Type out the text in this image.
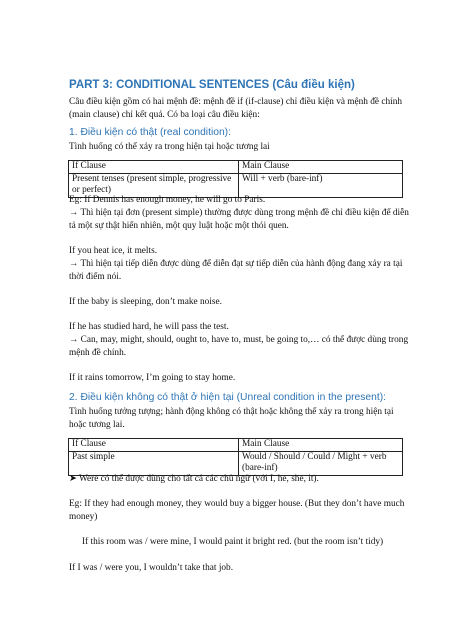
PART 3: CONDITIONAL SENTENCES (Câu điều kiện)
Câu điều kiện gồm có hai mệnh đề: mệnh đề if (if-clause) chỉ điều kiện và mệnh đề chính (main clause) chỉ kết quả. Có ba loại câu điều kiện:
1. Điều kiện có thật (real condition):
Tình huống có thể xảy ra trong hiện tại hoặc tương lai
If Clause	Main Clause
Present tenses (present simple, progressive or perfect)	Will + verb (bare-inf)
Eg: If Dennis has enough money, he will go to Paris.
→ Thì hiện tại đơn (present simple) thường được dùng trong mệnh đề chỉ điều kiện để diễn tả một sự thật hiển nhiên, một quy luật hoặc một thói quen.
If you heat ice, it melts.
→ Thì hiện tại tiếp diễn được dùng để diễn đạt sự tiếp diễn của hành động đang xảy ra tại thời điểm nói.
If the baby is sleeping, don’t make noise.
If he has studied hard, he will pass the test.
→ Can, may, might, should, ought to, have to, must, be going to,… có thể được dùng trong mệnh đề chính.
If it rains tomorrow, I’m going to stay home.
2. Điều kiện không có thật ở hiện tại (Unreal condition in the present):
Tình huống tưởng tượng; hành động không có thật hoặc không thể xảy ra trong hiện tại hoặc tương lai.
If Clause	Main Clause
Past simple	Would / Should / Could / Might + verb (bare-inf)
➤ Were có thể được dùng cho tất cả các chủ ngữ (với I, he, she, it).
Eg: If they had enough money, they would buy a bigger house. (But they don’t have much money)
If this room was / were mine, I would paint it bright red. (but the room isn’t tidy)
If I was / were you, I wouldn’t take that job.
